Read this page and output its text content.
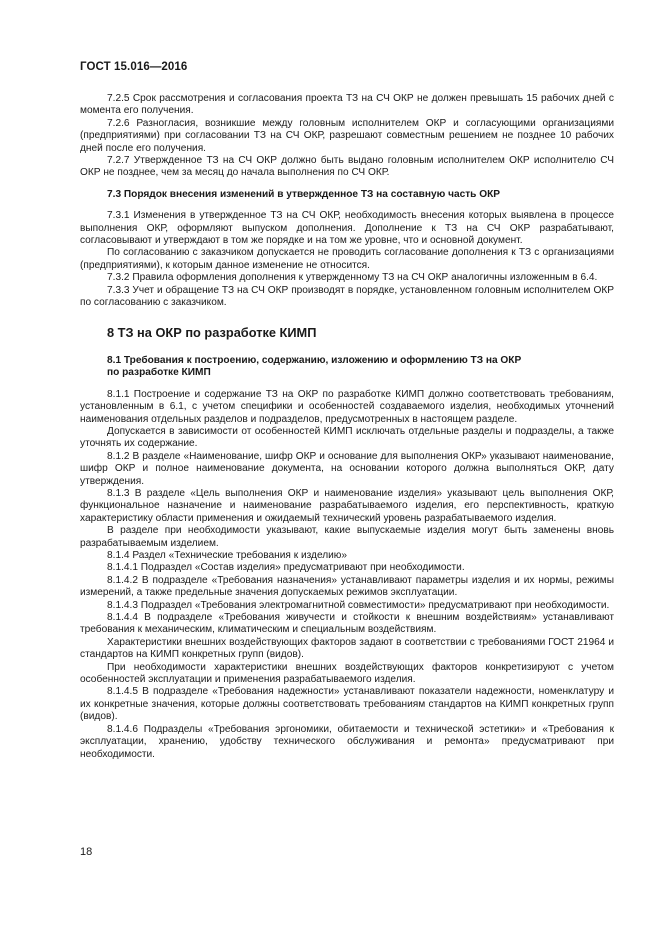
ГОСТ 15.016—2016

7.2.5 Срок рассмотрения и согласования проекта ТЗ на СЧ ОКР не должен превышать 15 рабочих дней с момента его получения.

7.2.6 Разногласия, возникшие между головным исполнителем ОКР и согласующими организациями (предприятиями) при согласовании ТЗ на СЧ ОКР, разрешают совместным решением не позднее 10 рабочих дней после его получения.

7.2.7 Утвержденное ТЗ на СЧ ОКР должно быть выдано головным исполнителем ОКР исполнителю СЧ ОКР не позднее, чем за месяц до начала выполнения по СЧ ОКР.

7.3 Порядок внесения изменений в утвержденное ТЗ на составную часть ОКР

7.3.1 Изменения в утвержденное ТЗ на СЧ ОКР, необходимость внесения которых выявлена в процессе выполнения ОКР, оформляют выпуском дополнения. Дополнение к ТЗ на СЧ ОКР разрабатывают, согласовывают и утверждают в том же порядке и на том же уровне, что и основной документ.

По согласованию с заказчиком допускается не проводить согласование дополнения к ТЗ с организациями (предприятиями), к которым данное изменение не относится.

7.3.2 Правила оформления дополнения к утвержденному ТЗ на СЧ ОКР аналогичны изложенным в 6.4.

7.3.3 Учет и обращение ТЗ на СЧ ОКР производят в порядке, установленном головным исполнителем ОКР по согласованию с заказчиком.

8 ТЗ на ОКР по разработке КИМП

8.1 Требования к построению, содержанию, изложению и оформлению ТЗ на ОКР

по разработке КИМП

8.1.1 Построение и содержание ТЗ на ОКР по разработке КИМП должно соответствовать требованиям, установленным в 6.1, с учетом специфики и особенностей создаваемого изделия, необходимых уточнений наименования отдельных разделов и подразделов, предусмотренных в настоящем разделе.

Допускается в зависимости от особенностей КИМП исключать отдельные разделы и подразделы, а также уточнять их содержание.

8.1.2 В разделе «Наименование, шифр ОКР и основание для выполнения ОКР» указывают наименование, шифр ОКР и полное наименование документа, на основании которого должна выполняться ОКР, дату утверждения.

8.1.3 В разделе «Цель выполнения ОКР и наименование изделия» указывают цель выполнения ОКР, функциональное назначение и наименование разрабатываемого изделия, его перспективность, краткую характеристику области применения и ожидаемый технический уровень разрабатываемого изделия.

В разделе при необходимости указывают, какие выпускаемые изделия могут быть заменены вновь разрабатываемым изделием.

8.1.4 Раздел «Технические требования к изделию»

8.1.4.1 Подраздел «Состав изделия» предусматривают при необходимости.

8.1.4.2 В подразделе «Требования назначения» устанавливают параметры изделия и их нормы, режимы измерений, а также предельные значения допускаемых режимов эксплуатации.

8.1.4.3 Подраздел «Требования электромагнитной совместимости» предусматривают при необходимости.

8.1.4.4 В подразделе «Требования живучести и стойкости к внешним воздействиям» устанавливают требования к механическим, климатическим и специальным воздействиям.

Характеристики внешних воздействующих факторов задают в соответствии с требованиями ГОСТ 21964 и стандартов на КИМП конкретных групп (видов).

При необходимости характеристики внешних воздействующих факторов конкретизируют с учетом особенностей эксплуатации и применения разрабатываемого изделия.

8.1.4.5 В подразделе «Требования надежности» устанавливают показатели надежности, номенклатуру и их конкретные значения, которые должны соответствовать требованиям стандартов на КИМП конкретных групп (видов).

8.1.4.6 Подразделы «Требования эргономики, обитаемости и технической эстетики» и «Требования к эксплуатации, хранению, удобству технического обслуживания и ремонта» предусматривают при необходимости.

18
